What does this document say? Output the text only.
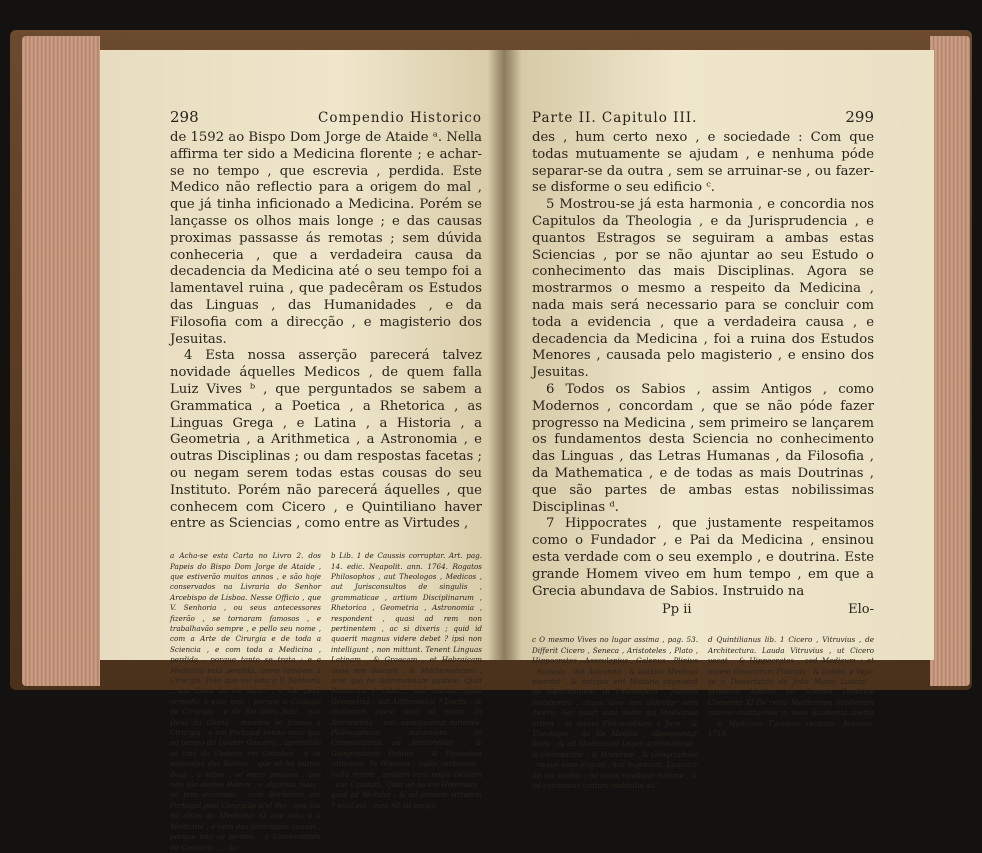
298	Compendio Historico

de 1592 ao Bispo Dom Jorge de Ataide ᵃ. Nella affirma ter sido a Medicina florente ; e achar-se no tempo , que escrevia , perdida. Este Medico não reflectio para a origem do mal , que já tinha inficionado a Medicina. Porém se lançasse os olhos mais longe ; e das causas proximas passasse ás remotas ; sem dúvida conheceria , que a verdadeira causa da decadencia da Medicina até o seu tempo foi a lamentavel ruina , que padecêram os Estudos das Linguas , das Humanidades , e da Filosofia com a direcção , e magisterio dos Jesuitas.

4 Esta nossa asserção parecerá talvez novidade áquelles Medicos , de quem falla Luiz Vives ᵇ , que perguntados se sabem a Grammatica , a Poetica , a Rhetorica , as Linguas Grega , e Latina , a Historia , a Geometria , a Arithmetica , a Astronomia , e outras Disciplinas ; ou dam respostas facetas ; ou negam serem todas estas cousas do seu Instituto. Porém não parecerá áquelles , que conhecem com Cicero , e Quintiliano haver entre as Sciencias , como entre as Virtudes ,

a Acha-se esta Carta no Livro 2. dos Papeis do Bispo Dom Jorge de Ataide , que estiverão muitos annos , e são hoje conservados na Livraria do Senhor Arcebispo de Lisboa. Nesse Officio , que V. Senhoria , ou seus antecessores fizerão , se tornaram famosos , e trabalhavão sempre , e pello seu nome , com a Arte de Cirurgia e de toda a Sciencia , e com toda a Medicina , perdida , porque tanto se trata ; e a Medicina está perdida, como tambem a Cirurgia. Pelo que vai esta a V. Senhoria , que Deos ha de saber , e lhe peça remedio a este mal : porque o Collegio de Cirurgia , e de Rei Dom João , que Deos da Gloria , mandou se fizesse a Cirurgia , e em Portugal sendo mais que no tempo do Doutor Guevara , aprendião os tres da Cadeira em Coimbra , e os sapientes dos Reinos , que só ha outros dous , a saber , se estas pessoas , que não são destes Reinos , e algumas mais , se tem ensinado , com Barbeiros em Portugal pelo Cirurgião d'el Rei , que lhe dá ditos de Medicina. O que esta é a Medicina , e uma das principaes cousas , porque isto se perdeo , a Universidade de Coimbra ..... &c.
b Lib. 1 de Caussis corruptar. Art. pag. 14. edic. Neapolit. ann. 1764. Rogatos Philosophos , aut Theologos , Medicos , aut Jurisconsultos de singulis , grammaticae , artium Disciplinarum , Rhetorica , Geometria , Astronomia , respondent , quasi ad rem non pertinentem , ac si dixeris ; quid id quaerit magnus videre debet ? ipsi non intelligunt , non mittunt. Tenent Linguas Latinam , & Graecam , et Hebraicam quae non discunt , & Mathematicam , sine qua ne Astronomiam quidem. Quid Rhetorica ? ridet , sed inscius. Quid Geometria , aut Arithmetica ? Doctis , & multorum egeni sunt ad vitam. In Astronomia , non assequuntur rationes. Philosophiam naturalem in Commentariis ad Aristotelem , & Geographiam Politici , & Ptolomaei rationem. In Historia , nulla verborum , nulla rerum , quidam sunt nobis Gellium , aut Cassium. Quid ad lucem Hominum , quid ad Moralia , & ad omnem virtutem ? nihil est , cum nil sit magis.
Parte II. Capitulo III.	299

des , hum certo nexo , e sociedade : Com que todas mutuamente se ajudam , e nenhuma póde separar-se da outra , sem se arruinar-se , ou fazer-se disforme o seu edificio ᶜ.

5 Mostrou-se já esta harmonia , e concordia nos Capitulos da Theologia , e da Jurisprudencia , e quantos Estragos se seguiram a ambas estas Sciencias , por se não ajuntar ao seu Estudo o conhecimento das mais Disciplinas. Agora se mostrarmos o mesmo a respeito da Medicina , nada mais será necessario para se concluir com toda a evidencia , que a verdadeira causa , e decadencia da Medicina , foi a ruina dos Estudos Menores , causada pelo magisterio , e ensino dos Jesuitas.

6 Todos os Sabios , assim Antigos , como Modernos , concordam , que se não póde fazer progresso na Medicina , sem primeiro se lançarem os fundamentos desta Sciencia no conhecimento das Linguas , das Letras Humanas , da Filosofia , da Mathematica , e de todas as mais Doutrinas , que são partes de ambas estas nobilissimas Disciplinas ᵈ.

7 Hippocrates , que justamente respeitamos como o Fundador , e Pai da Medicina , ensinou esta verdade com o seu exemplo , e doutrina. Este grande Homem viveo em hum tempo , em que a Grecia abundava de Sabios. Instruido na

Pp ii	Elo-
c O mesmo Vives no lugar assima , pag. 53. Differit Cicero , Seneca , Aristoteles , Plato , Hippocrates , Aesculapius , Galenus , Plinius , Scevola , aut Avicenna , & doctior Medicus emerint , & antiqua erit Historia cognoscit ad plenitudinem. In Philosophia , fuerunt insipientes , atque ideo non videntur vera dicere. Nec pauci sunt hodie qui Medicinae artem , et ipsam Philosophiam a Jure , & Theologia , de Re Medica , obsequuntur libris , & ad Medicinam Leges Arithmeticae , & Geometriae ; & Historiae , & Geographiae , neque esse aliquid , nisi ingenium. Loquitur de sui studiis ; ne solus intelligat ratione , & ad communis tantum institutio sit.
d Quintilianus lib. 1 Cicero , Vitruvius , de Architectura. Lauda Vitruvius , ut Cicero vocat , & Hippocrates , sed Medicum ; et autem Graecorum Platonis ; & Galeni. e Veja-se a Dissertação de João Maria Lancisi , primeiro Medico do Summo Pontifice Clemente XI De recta Medicorum Studiorum ratione instituenda in nova Academia aberta , & Medicina Tyrannis recitata. Avenion. 1718.
